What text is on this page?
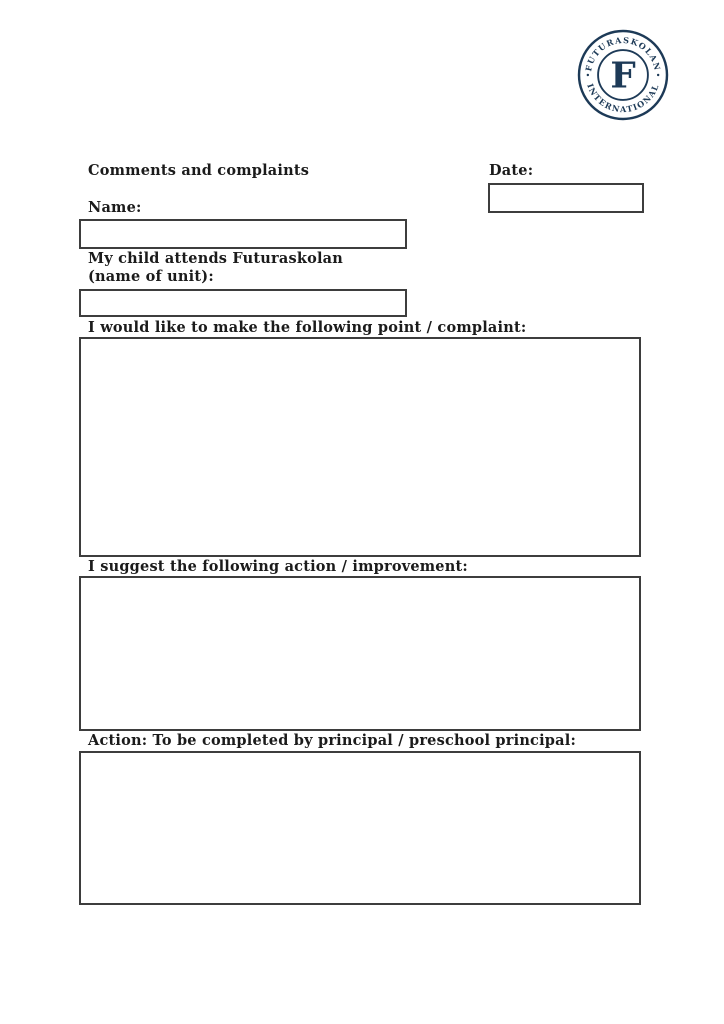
FUTURASKOLAN
INTERNATIONAL
F
Comments and complaints	Date:
Name:
My child attends Futuraskolan
(name of unit):
I would like to make the following point / complaint:
I suggest the following action / improvement:
Action: To be completed by principal / preschool principal:
